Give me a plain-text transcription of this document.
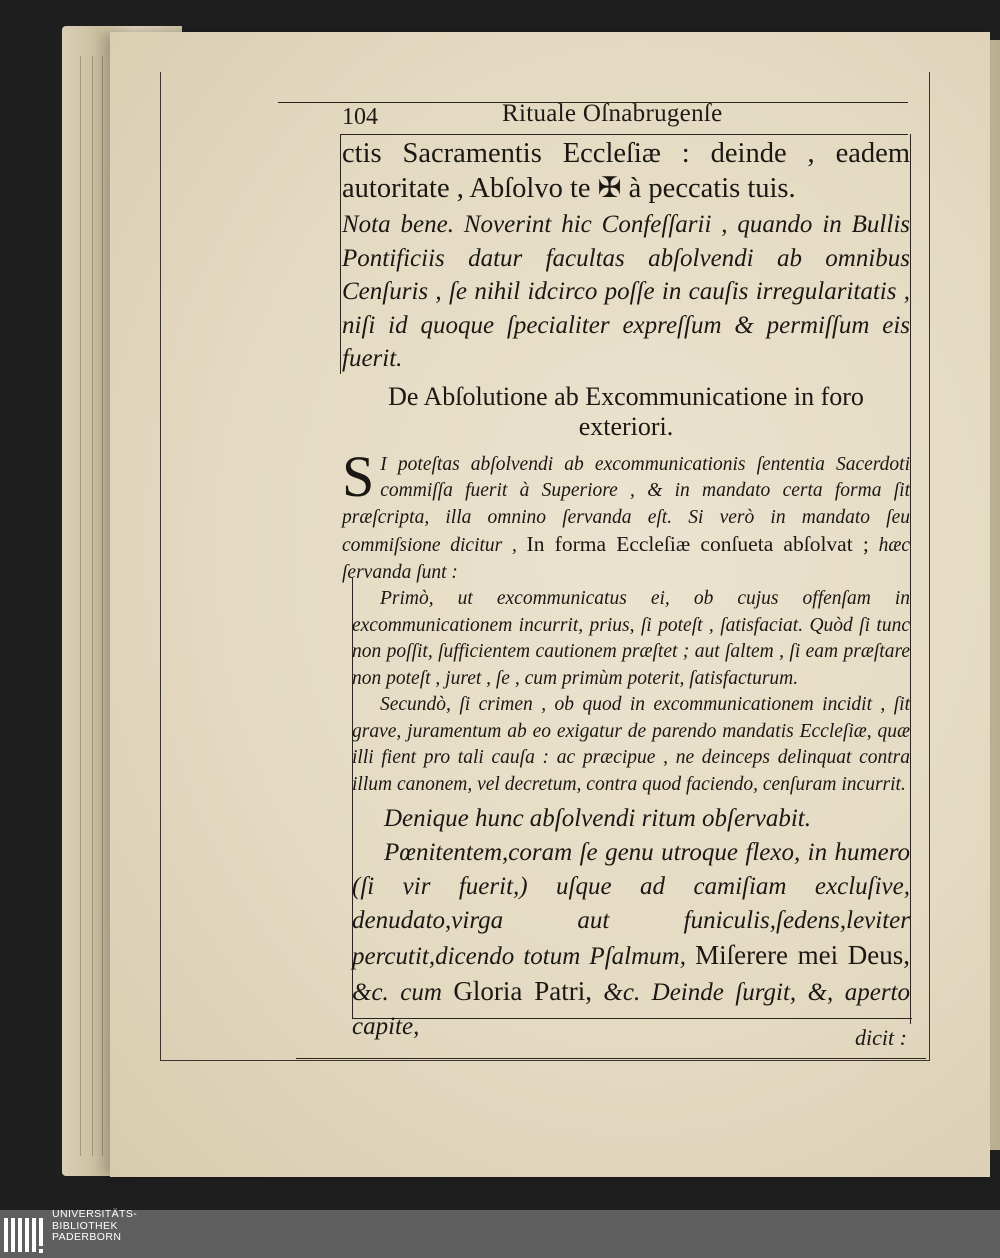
104	Rituale Oſnabrugenſe
ctis Sacramentis Eccleſiæ : deinde , eadem autoritate , Abſolvo te ✠ à peccatis tuis.
Nota bene. Noverint hic Confeſſarii , quando in Bullis Pontificiis datur facultas abſolvendi ab omnibus Cenſuris , ſe nihil idcirco poſſe in cauſis irregularitatis , niſi id quoque ſpecialiter expreſſum & permiſſum eis fuerit.
De Abſolutione ab Excommunicatione in foro exteriori.
S I poteſtas abſolvendi ab excommunicationis ſententia Sacerdoti commiſſa fuerit à Superiore , & in mandato certa forma ſit præſcripta, illa omnino ſervanda eſt. Si verò in mandato ſeu commiſsione dicitur , In forma Eccleſiæ conſueta abſolvat ; hæc ſervanda ſunt :
Primò, ut excommunicatus ei, ob cujus offenſam in excommunicationem incurrit, prius, ſi poteſt , ſatisfaciat. Quòd ſi tunc non poſſit, ſufficientem cautionem præſtet ; aut ſaltem , ſi eam præſtare non poteſt , juret , ſe , cum primùm poterit, ſatisfacturum.
Secundò, ſi crimen , ob quod in excommunicationem incidit , ſit grave, juramentum ab eo exigatur de parendo mandatis Eccleſiæ, quæ illi fient pro tali cauſa : ac præcipue , ne deinceps delinquat contra illum canonem, vel decretum, contra quod faciendo, cenſuram incurrit.
Denique hunc abſolvendi ritum obſervabit.
Pœnitentem,coram ſe genu utroque flexo, in humero (ſi vir fuerit,) uſque ad camiſiam excluſive, denudato,virga aut funiculis,ſedens,leviter percutit,dicendo totum Pſalmum, Miſerere mei Deus, &c. cum Gloria Patri, &c. Deinde ſurgit, &, aperto capite,	dicit :
UNIVERSITÄTS-
BIBLIOTHEK
PADERBORN
